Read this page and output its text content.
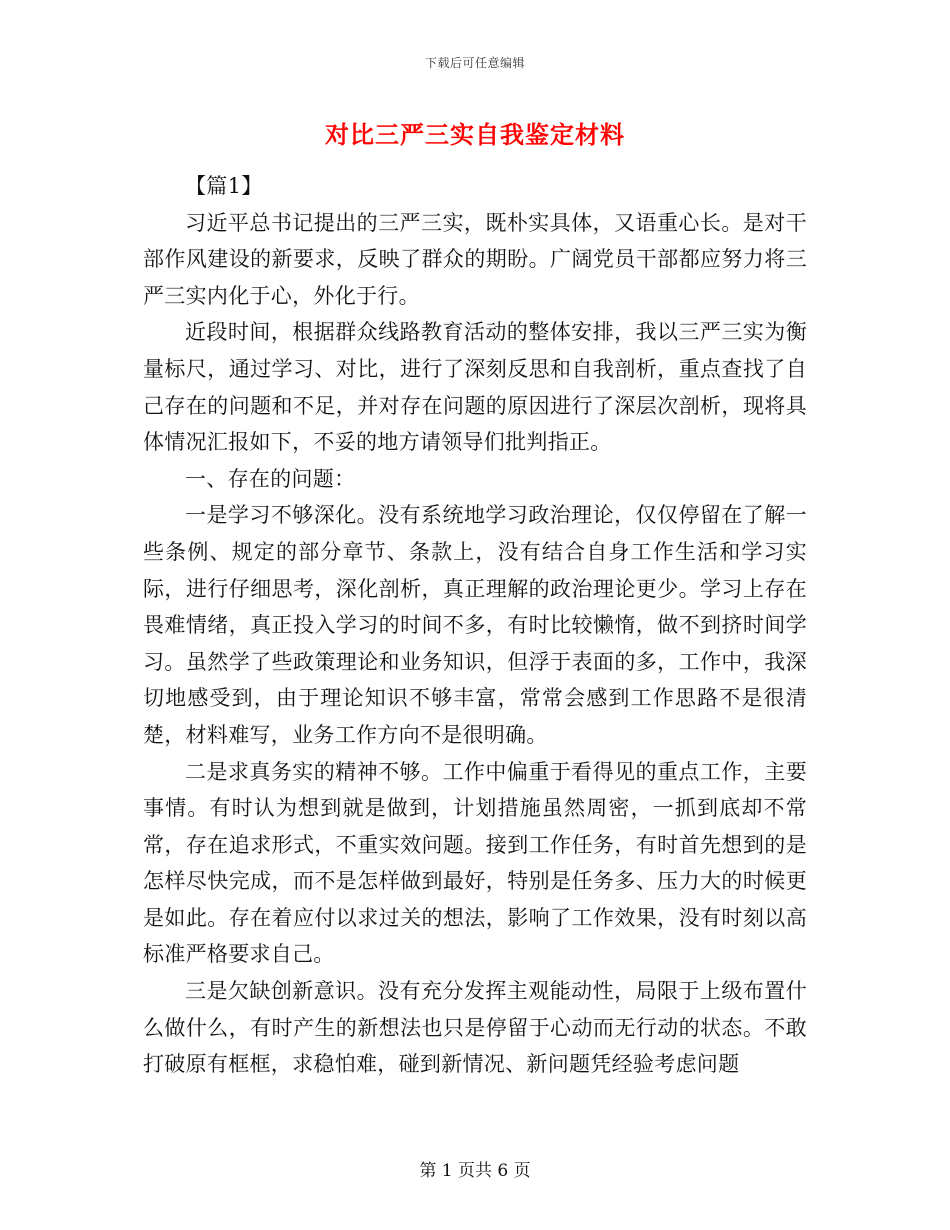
下载后可任意编辑
对比三严三实自我鉴定材料

【篇1】

习近平总书记提出的三严三实，既朴实具体，又语重心长。是对干部作风建设的新要求，反映了群众的期盼。广阔党员干部都应努力将三严三实内化于心，外化于行。

近段时间，根据群众线路教育活动的整体安排，我以三严三实为衡量标尺，通过学习、对比，进行了深刻反思和自我剖析，重点查找了自己存在的问题和不足，并对存在问题的原因进行了深层次剖析，现将具体情况汇报如下，不妥的地方请领导们批判指正。

一、存在的问题：

一是学习不够深化。没有系统地学习政治理论，仅仅停留在了解一些条例、规定的部分章节、条款上，没有结合自身工作生活和学习实际，进行仔细思考，深化剖析，真正理解的政治理论更少。学习上存在畏难情绪，真正投入学习的时间不多，有时比较懒惰，做不到挤时间学习。虽然学了些政策理论和业务知识，但浮于表面的多，工作中，我深切地感受到，由于理论知识不够丰富，常常会感到工作思路不是很清楚，材料难写，业务工作方向不是很明确。

二是求真务实的精神不够。工作中偏重于看得见的重点工作，主要事情。有时认为想到就是做到，计划措施虽然周密，一抓到底却不常常，存在追求形式，不重实效问题。接到工作任务，有时首先想到的是怎样尽快完成，而不是怎样做到最好，特别是任务多、压力大的时候更是如此。存在着应付以求过关的想法，影响了工作效果，没有时刻以高标准严格要求自己。

三是欠缺创新意识。没有充分发挥主观能动性，局限于上级布置什么做什么，有时产生的新想法也只是停留于心动而无行动的状态。不敢打破原有框框，求稳怕难，碰到新情况、新问题凭经验考虑问题

第 1 页共 6 页
